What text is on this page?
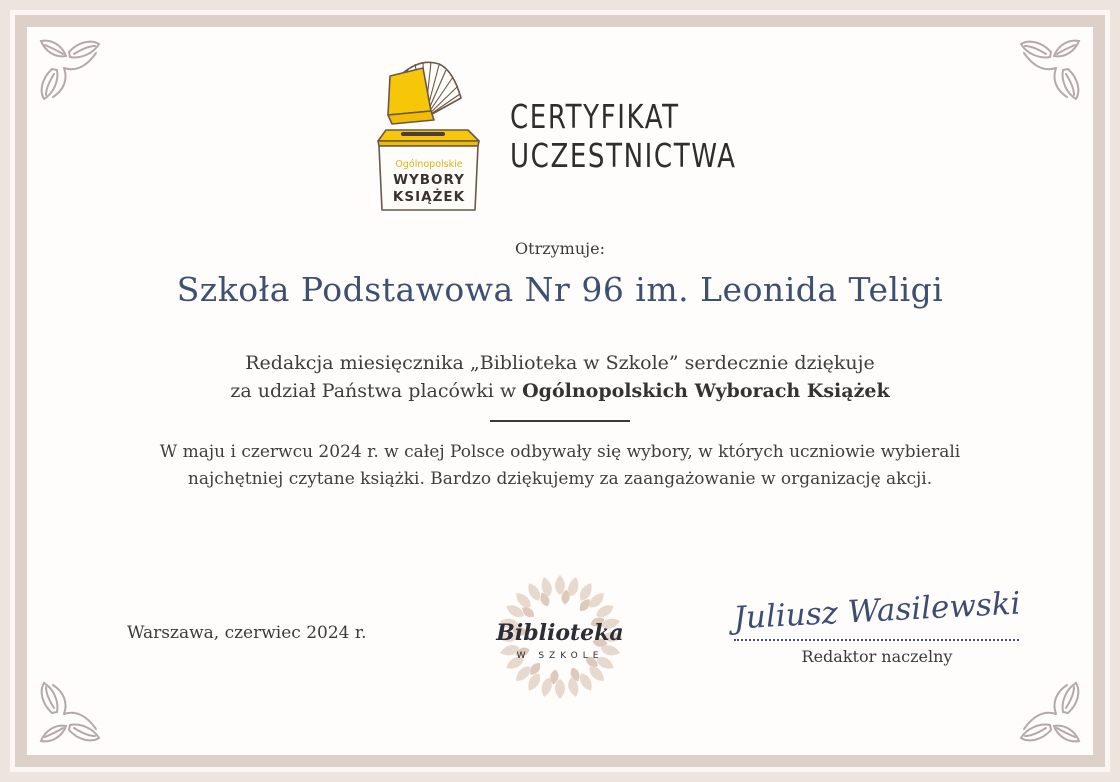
Ogólnopolskie
WYBORY
KSIĄŻEK
CERTYFIKAT
UCZESTNICTWA
Otrzymuje:
Szkoła Podstawowa Nr 96 im. Leonida Teligi
Redakcja miesięcznika „Biblioteka w Szkole” serdecznie dziękuje
za udział Państwa placówki w Ogólnopolskich Wyborach Książek
W maju i czerwcu 2024 r. w całej Polsce odbywały się wybory, w których uczniowie wybierali
najchętniej czytane książki. Bardzo dziękujemy za zaangażowanie w organizację akcji.
Warszawa, czerwiec 2024 r.	Biblioteka
W SZKOLE
Juliusz Wasilewski
Redaktor naczelny
